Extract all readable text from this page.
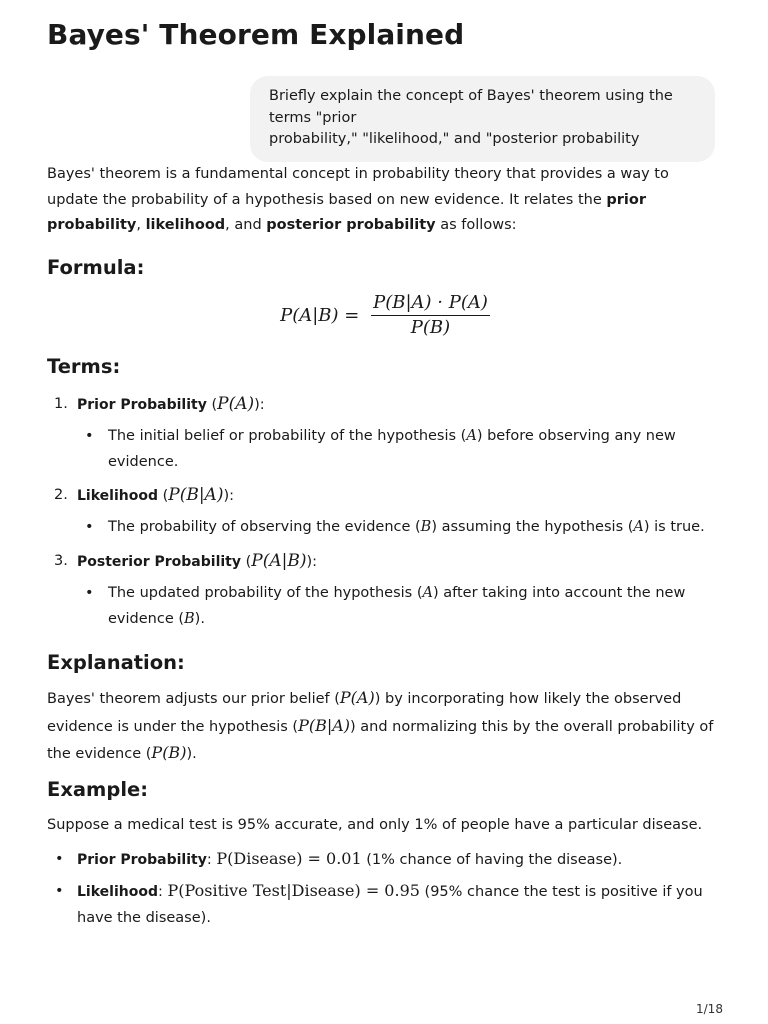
Bayes' Theorem Explained

Briefly explain the concept of Bayes' theorem using the terms "prior

probability," "likelihood," and "posterior probability

Bayes' theorem is a fundamental concept in probability theory that provides a way to update the probability of a hypothesis based on new evidence. It relates the prior probability, likelihood, and posterior probability as follows:

Formula:
$P(A|B) = \frac{P(B|A) \cdot P(A)}{P(B)}$
Terms:
1. Prior Probability (P(A)):
• The initial belief or probability of the hypothesis (A) before observing any new
evidence.
2. Likelihood (P(B|A)):
• The probability of observing the evidence (B) assuming the hypothesis (A) is true.
3. Posterior Probability (P(A|B)):
• The updated probability of the hypothesis (A) after taking into account the new
evidence (B).
Explanation:

Bayes' theorem adjusts our prior belief (P(A)) by incorporating how likely the observed
evidence is under the hypothesis (P(B|A)) and normalizing this by the overall probability of
the evidence (P(B)).

Example:

Suppose a medical test is 95% accurate, and only 1% of people have a particular disease.

• Prior Probability: P(Disease) = 0.01 (1% chance of having the disease).
• Likelihood: P(Positive Test|Disease) = 0.95 (95% chance the test is positive if you
have the disease).
1/18
